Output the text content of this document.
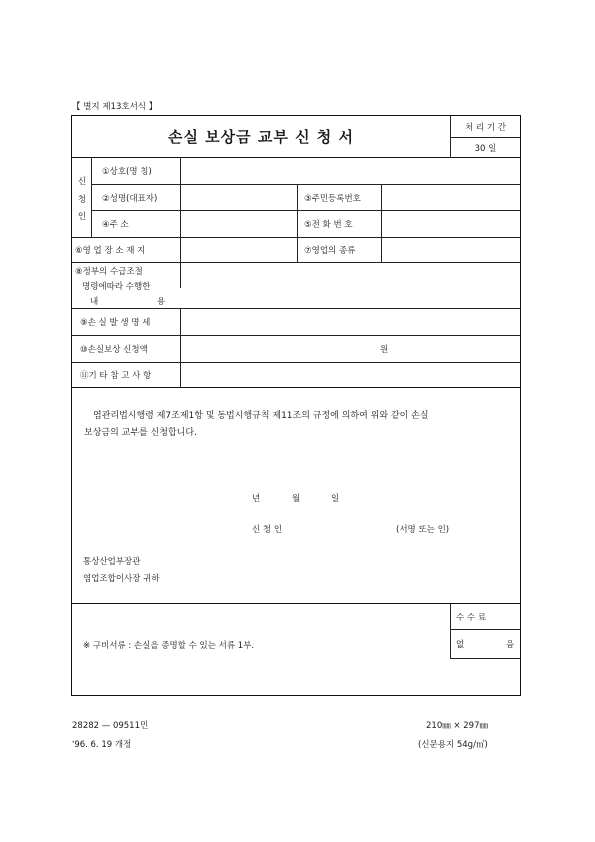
【 별지 제13호서식 】
손실 보상금 교부 신 청 서
처 리 기 간
30 일
신
청
인
①상호(명 칭)
②성명(대표자)	③주민등록번호
④주 소	⑤전 화 번 호
⑥영 업 장 소 재 지	⑦영업의 종류
⑧정부의 수급조절
명령에따라 수행한
내	용
⑨손 실 발 생 명 세
⑩손실보상 신청액	원
⑪기 타 참 고 사 항
염관리법시행령 제7조제1항 및 동법시행규칙 제11조의 규정에 의하여 위와 같이 손실
보상금의 교부를 신청합니다.
년	월	일
신 청 인	(서명 또는 인)
통상산업부장관
염업조합이사장 귀하
수 수 료
없	음
※ 구비서류 : 손실을 증명할 수 있는 서류 1부.
28282 — 09511민
'96. 6. 19 개정
210㎜ × 297㎜
(신문용지 54g/㎡)
